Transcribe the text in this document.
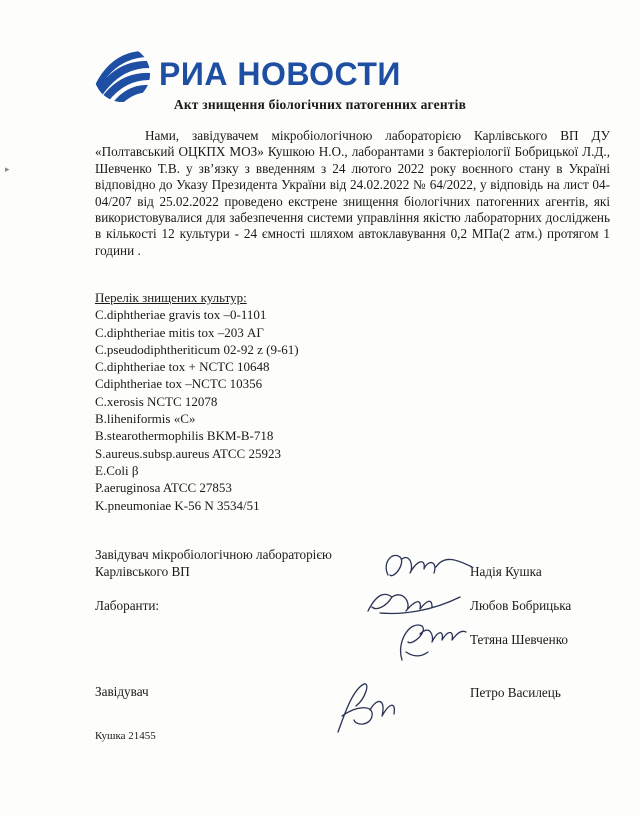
РИА НОВОСТИ
Акт знищення біологічних патогенних агентів
Нами, завідувачем мікробіологічною лабораторією Карлівського ВП ДУ «Полтавський ОЦКПХ МОЗ» Кушкою Н.О., лаборантами з бактеріології Бобрицької Л.Д., Шевченко Т.В. у зв’язку з введенням з 24 лютого 2022 року воєнного стану в Україні відповідно до Указу Президента України від 24.02.2022 № 64/2022, у відповідь на лист 04-04/207 від 25.02.2022 проведено екстрене знищення біологічних патогенних агентів, які використовувалися для забезпечення системи управління якістю лабораторних досліджень в кількості 12 культури - 24 ємності шляхом автоклавування 0,2 МПа(2 атм.) протягом 1 години .
Перелік знищених культур:
C.diphtheriae gravis tox –0-1101
C.diphtheriae mitis tox –203 АГ
C.pseudodiphtheriticum 02-92 z (9-61)
C.diphtheriae tox + NCTC 10648
Cdiphtheriae tox –NCTC 10356
C.xerosis NCTC 12078
B.liheniformis «C»
B.stearothermophilis BKM-B-718
S.aureus.subsp.aureus ATCC 25923
E.Coli β
P.aeruginosa ATCC 27853
K.pneumoniae K-56 N 3534/51
Завідувач мікробіологічною лабораторією
Карлівського ВП	Надія Кушка
Лаборанти:	Любов Бобрицька
Тетяна Шевченко
Завідувач	Петро Василець
Кушка 21455
▸
